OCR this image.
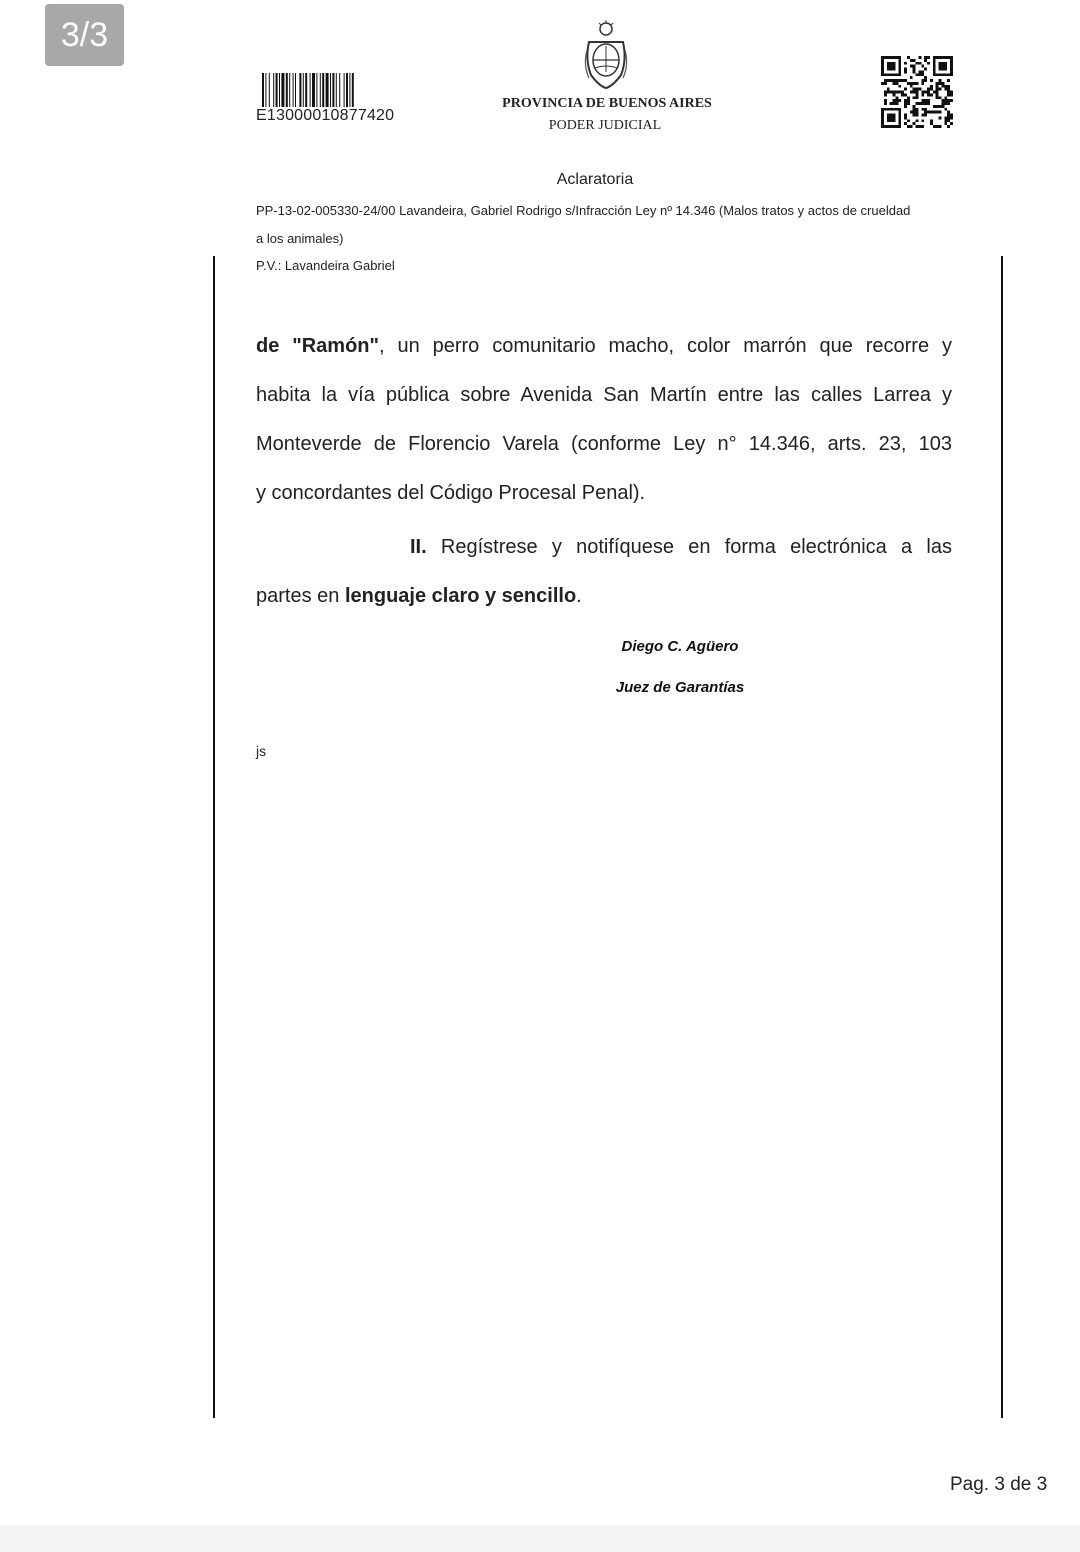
3/3
E13000010877420
PROVINCIA DE BUENOS AIRES
PODER JUDICIAL
Aclaratoria
PP-13-02-005330-24/00 Lavandeira, Gabriel Rodrigo s/Infracción Ley nº 14.346 (Malos tratos y actos de crueldad
a los animales)
P.V.: Lavandeira Gabriel
de "Ramón", un perro comunitario macho, color marrón que recorre y
habita la vía pública sobre Avenida San Martín entre las calles Larrea y
Monteverde de Florencio Varela (conforme Ley n° 14.346, arts. 23, 103
y concordantes del Código Procesal Penal).
II. Regístrese y notifíquese en forma electrónica a las
partes en lenguaje claro y sencillo.
Diego C. Agüero
Juez de Garantías
js
Pag. 3 de 3
